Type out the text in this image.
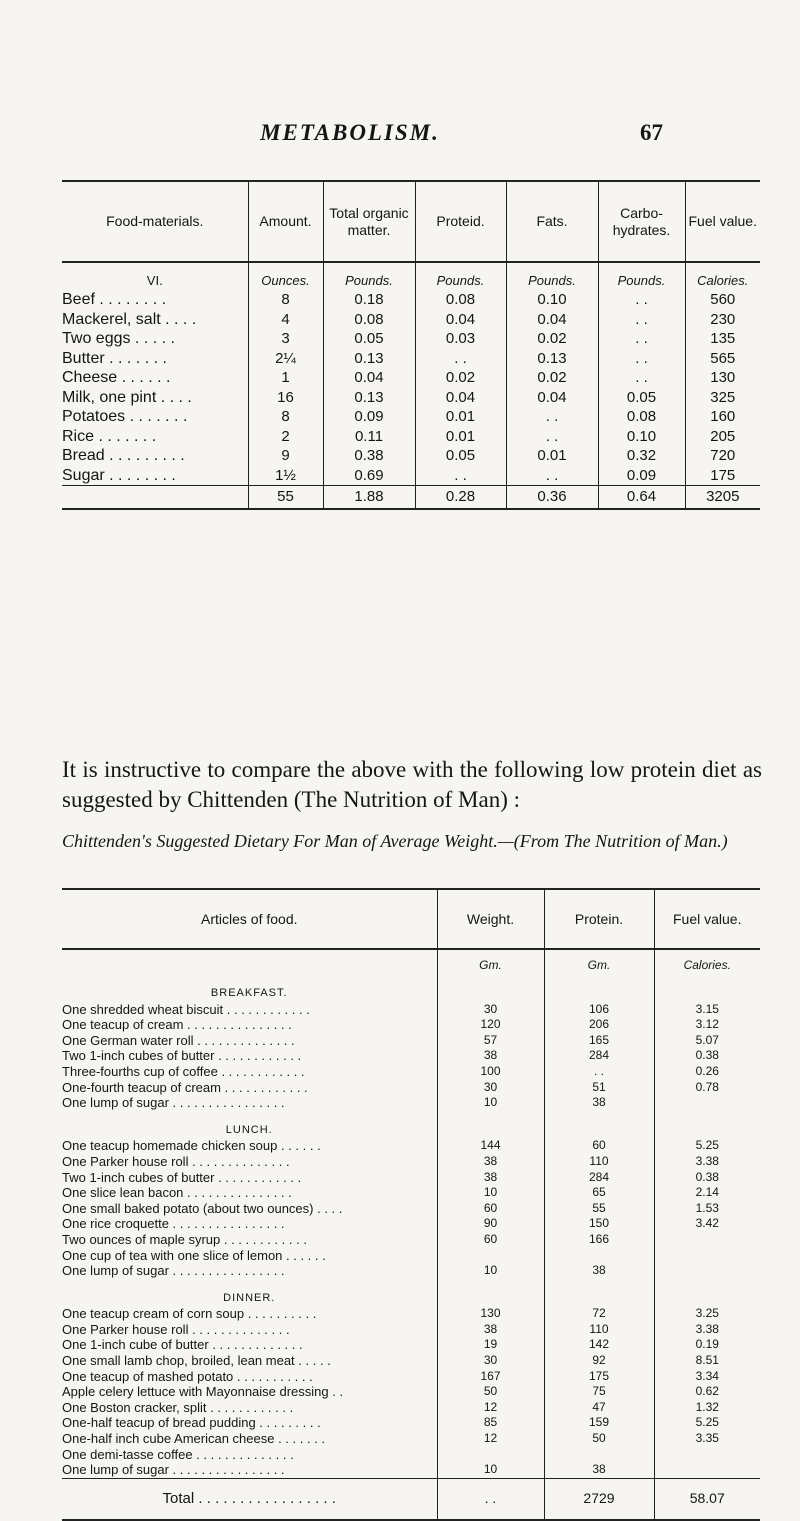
METABOLISM.	67
Food-materials.	Amount.	Total organic matter.	Proteid.	Fats.	Carbo-hydrates.	Fuel value.
VI.	Ounces.	Pounds.	Pounds.	Pounds.	Pounds.	Calories.
Beef . . . . . . . .	8	0.18	0.08	0.10	. .	560
Mackerel, salt . . . .	4	0.08	0.04	0.04	. .	230
Two eggs . . . . .	3	0.05	0.03	0.02	. .	135
Butter . . . . . . .	2¼	0.13	. .	0.13	. .	565
Cheese . . . . . .	1	0.04	0.02	0.02	. .	130
Milk, one pint . . . .	16	0.13	0.04	0.04	0.05	325
Potatoes . . . . . . .	8	0.09	0.01	. .	0.08	160
Rice . . . . . . .	2	0.11	0.01	. .	0.10	205
Bread . . . . . . . . .	9	0.38	0.05	0.01	0.32	720
Sugar . . . . . . . .	1½	0.69	. .	. .	0.09	175
	55	1.88	0.28	0.36	0.64	3205
It is instructive to compare the above with the following low protein diet as suggested by Chittenden (The Nutrition of Man) :
Chittenden's Suggested Dietary For Man of Average Weight.—(From The Nutrition of Man.)
Articles of food.	Weight.	Protein.	Fuel value.
	Gm.	Gm.	Calories.
BREAKFAST.			
One shredded wheat biscuit . . . . . . . . . . . .	30	106	3.15
One teacup of cream . . . . . . . . . . . . . . .	120	206	3.12
One German water roll . . . . . . . . . . . . . .	57	165	5.07
Two 1-inch cubes of butter . . . . . . . . . . . .	38	284	0.38
Three-fourths cup of coffee . . . . . . . . . . . .	100	. .	0.26
One-fourth teacup of cream . . . . . . . . . . . .	30	51	0.78
One lump of sugar . . . . . . . . . . . . . . . .	10	38	
LUNCH.			
One teacup homemade chicken soup . . . . . .	144	60	5.25
One Parker house roll . . . . . . . . . . . . . .	38	110	3.38
Two 1-inch cubes of butter . . . . . . . . . . . .	38	284	0.38
One slice lean bacon . . . . . . . . . . . . . . .	10	65	2.14
One small baked potato (about two ounces) . . . .	60	55	1.53
One rice croquette . . . . . . . . . . . . . . . .	90	150	3.42
Two ounces of maple syrup . . . . . . . . . . . .	60	166	
One cup of tea with one slice of lemon . . . . . .			
One lump of sugar . . . . . . . . . . . . . . . .	10	38	
DINNER.			
One teacup cream of corn soup . . . . . . . . . .	130	72	3.25
One Parker house roll . . . . . . . . . . . . . .	38	110	3.38
One 1-inch cube of butter . . . . . . . . . . . . .	19	142	0.19
One small lamb chop, broiled, lean meat . . . . .	30	92	8.51
One teacup of mashed potato . . . . . . . . . . .	167	175	3.34
Apple celery lettuce with Mayonnaise dressing . .	50	75	0.62
One Boston cracker, split . . . . . . . . . . . .	12	47	1.32
One-half teacup of bread pudding . . . . . . . . .	85	159	5.25
One-half inch cube American cheese . . . . . . .	12	50	3.35
One demi-tasse coffee . . . . . . . . . . . . . .			
One lump of sugar . . . . . . . . . . . . . . . .	10	38	
Total . . . . . . . . . . . . . . . . .	. .	2729	58.07
